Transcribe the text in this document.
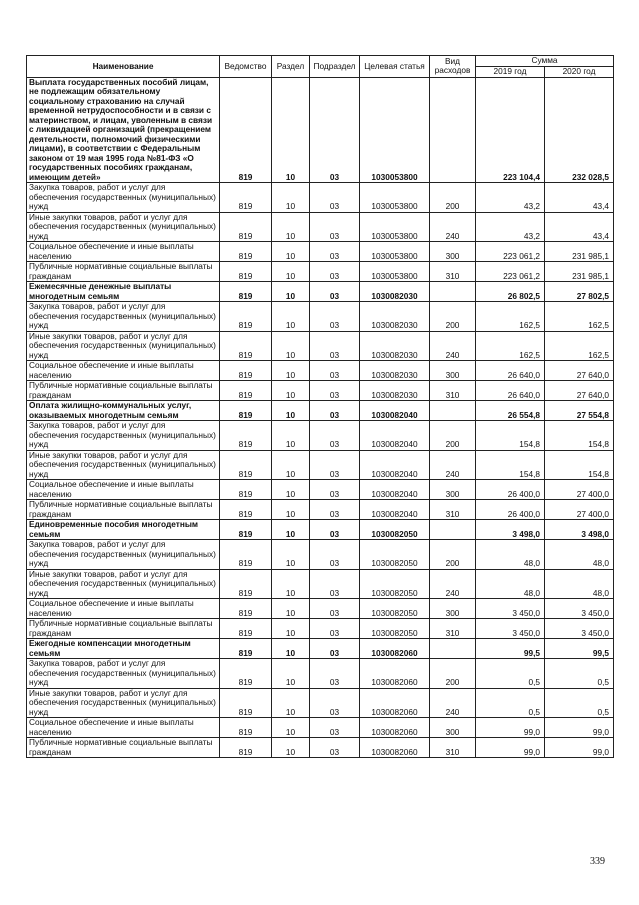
Наименование	Ведомство	Раздел	Подраздел	Целевая статья	Вид расходов	Сумма	
						2019 год	2020 год
Выплата государственных пособий лицам, не подлежащим обязательному социальному страхованию на случай временной нетрудоспособности и в связи с материнством, и лицам, уволенным в связи с ликвидацией организаций (прекращением деятельности, полномочий физическими лицами), в соответствии с Федеральным законом от 19 мая 1995 года №81-ФЗ «О государственных пособиях гражданам, имеющим детей»	819	10	03	1030053800		223 104,4	232 028,5
Закупка товаров, работ и услуг для обеспечения государственных (муниципальных) нужд	819	10	03	1030053800	200	43,2	43,4
Иные закупки товаров, работ и услуг для обеспечения государственных (муниципальных) нужд	819	10	03	1030053800	240	43,2	43,4
Социальное обеспечение и иные выплаты населению	819	10	03	1030053800	300	223 061,2	231 985,1
Публичные нормативные социальные выплаты гражданам	819	10	03	1030053800	310	223 061,2	231 985,1
Ежемесячные денежные выплаты многодетным семьям	819	10	03	1030082030		26 802,5	27 802,5
Закупка товаров, работ и услуг для обеспечения государственных (муниципальных) нужд	819	10	03	1030082030	200	162,5	162,5
Иные закупки товаров, работ и услуг для обеспечения государственных (муниципальных) нужд	819	10	03	1030082030	240	162,5	162,5
Социальное обеспечение и иные выплаты населению	819	10	03	1030082030	300	26 640,0	27 640,0
Публичные нормативные социальные выплаты гражданам	819	10	03	1030082030	310	26 640,0	27 640,0
Оплата жилищно-коммунальных услуг, оказываемых многодетным семьям	819	10	03	1030082040		26 554,8	27 554,8
Закупка товаров, работ и услуг для обеспечения государственных (муниципальных) нужд	819	10	03	1030082040	200	154,8	154,8
Иные закупки товаров, работ и услуг для обеспечения государственных (муниципальных) нужд	819	10	03	1030082040	240	154,8	154,8
Социальное обеспечение и иные выплаты населению	819	10	03	1030082040	300	26 400,0	27 400,0
Публичные нормативные социальные выплаты гражданам	819	10	03	1030082040	310	26 400,0	27 400,0
Единовременные пособия многодетным семьям	819	10	03	1030082050		3 498,0	3 498,0
Закупка товаров, работ и услуг для обеспечения государственных (муниципальных) нужд	819	10	03	1030082050	200	48,0	48,0
Иные закупки товаров, работ и услуг для обеспечения государственных (муниципальных) нужд	819	10	03	1030082050	240	48,0	48,0
Социальное обеспечение и иные выплаты населению	819	10	03	1030082050	300	3 450,0	3 450,0
Публичные нормативные социальные выплаты гражданам	819	10	03	1030082050	310	3 450,0	3 450,0
Ежегодные компенсации многодетным семьям	819	10	03	1030082060		99,5	99,5
Закупка товаров, работ и услуг для обеспечения государственных (муниципальных) нужд	819	10	03	1030082060	200	0,5	0,5
Иные закупки товаров, работ и услуг для обеспечения государственных (муниципальных) нужд	819	10	03	1030082060	240	0,5	0,5
Социальное обеспечение и иные выплаты населению	819	10	03	1030082060	300	99,0	99,0
Публичные нормативные социальные выплаты гражданам	819	10	03	1030082060	310	99,0	99,0
339
